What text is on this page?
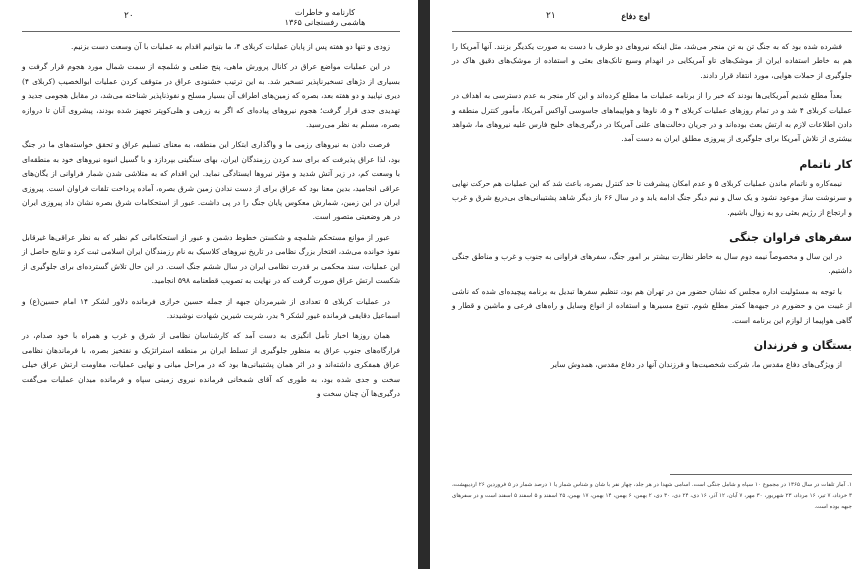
۲۰	کارنامه و خاطرات
هاشمی رفسنجانی ۱۳۶۵

زودی و تنها دو هفته پس از پایان عملیات کربلای ۴، ما بتوانیم اقدام به عملیات با آن وسعت دست بزنیم.

در این عملیات مواضع عراق در کانال پرورش ماهی، پنج ضلعی و شلمچه از سمت شمال مورد هجوم قرار گرفت و بسیاری از دژهای تسخیرناپذیر تسخیر شد. به این ترتیب خشنودی عراق در متوقف کردن عملیات ابوالخصیب (کربلای ۴) دیری نپایید و دو هفته بعد، بصره که زمین‌های اطراف آن بسیار مسلح و نفوذناپذیر شناخته می‌شد، در مقابل هجومی جدید و تهدیدی جدی قرار گرفت؛ هجوم نیروهای پیاده‌ای که اگر به زرهی و هلی‌کوپتر تجهیز شده بودند، پیشروی آنان تا دروازه بصره، مسلم به نظر می‌رسید.

فرصت دادن به نیروهای رزمی ما و واگذاری ابتکار این منطقه، به معنای تسلیم عراق و تحقق خواسته‌های ما در جنگ بود، لذا عراق پذیرفت که برای سد کردن رزمندگان ایران، بهای سنگینی بپردازد و با گسیل انبوه نیروهای خود به منطقه‌ای با وسعت کم، در زیر آتش شدید و مؤثر نیروها ایستادگی نماید. این اقدام که به متلاشی شدن شمار فراوانی از یگان‌های عراقی انجامید، بدین معنا بود که عراق برای از دست ندادن زمین شرق بصره، آماده پرداخت تلفات فراوان است. پیروزی ایران در این زمین، شمارش معکوس پایان جنگ را در پی داشت. عبور از استحکامات شرق بصره نشان داد پیروزی ایران در هر وضعیتی متصور است.

عبور از موانع مستحکم شلمچه و شکستن خطوط دشمن و عبور از استحکاماتی کم نظیر که به نظر عراقی‌ها غیرقابل نفوذ خوانده می‌شد، افتخار بزرگ نظامی در تاریخ نیروهای کلاسیک به نام رزمندگان ایران اسلامی ثبت کرد و نتایج حاصل از این عملیات، سند محکمی بر قدرت نظامی ایران در سال ششم جنگ است. در این حال تلاش گسترده‌ای برای جلوگیری از شکست ارتش عراق صورت گرفت که در نهایت به تصویب قطعنامه ۵۹۸ انجامید.

در عملیات کربلای ۵ تعدادی از شیرمردان جبهه از جمله حسین خرازی فرمانده دلاور لشکر ۱۴ امام حسین(ع) و اسماعیل دقایقی فرمانده غیور لشکر ۹ بدر، شربت شیرین شهادت نوشیدند.

همان روزها اخبار تأمل انگیزی به دست آمد که کارشناسان نظامی از شرق و غرب و همراه با خود صدام، در فرارگاه‌های جنوب عراق به منظور جلوگیری از تسلط ایران بر منطقه استراتژیک و نفتخیز بصره، با فرماندهان نظامی عراق همفکری داشته‌اند و در اثر همان پشتیبانی‌ها بود که در مراحل میانی و نهایی عملیات، مقاومت ارتش عراق خیلی سخت و جدی شده بود، به طوری که آقای شمخانی فرمانده نیروی زمینی سپاه و فرمانده میدان عملیات می‌گفت درگیری‌ها آن چنان سخت و

۲۱	اوج دفاع

فشرده شده بود که به جنگ تن به تن منجر می‌شد، مثل اینکه نیروهای دو طرف با دست به صورت یکدیگر بزنند. آنها آمریکا را هم به خاطر استفاده ایران از موشک‌های تاو آمریکایی در انهدام وسیع تانک‌های بعثی و استفاده از موشک‌های دقیق هاک در جلوگیری از حملات هوایی، مورد انتقاد قرار دادند.

بعداً مطلع شدیم آمریکایی‌ها بودند که خبر را از برنامه عملیات ما مطلع کرده‌اند و این کار منجر به عدم دسترسی به اهداف در عملیات کربلای ۴ شد و در تمام روزهای عملیات کربلای ۴ و ۵، ناوها و هواپیماهای جاسوسی آواکس آمریکا، مأمور کنترل منطقه و دادن اطلاعات لازم به ارتش بعث بوده‌اند و در جریان دخالت‌های علنی آمریکا در درگیری‌های خلیج فارس علیه نیروهای ما، شواهد بیشتری از تلاش آمریکا برای جلوگیری از پیروزی مطلق ایران به دست آمد.

کار ناتمام

نیمه‌کاره و ناتمام ماندن عملیات کربلای ۵ و عدم امکان پیشرفت تا حد کنترل بصره، باعث شد که این عملیات هم حرکت نهایی و سرنوشت ساز موعود نشود و یک سال و نیم دیگر جنگ ادامه یابد و در سال ۶۶ باز دیگر شاهد پشتیبانی‌های بی‌دریغ شرق و غرب و ارتجاع از رژیم بعثی رو به زوال باشیم.

سفرهای فراوان جنگی

در این سال و مخصوصاً نیمه دوم سال به خاطر نظارت بیشتر بر امور جنگ، سفرهای فراوانی به جنوب و غرب و مناطق جنگی داشتیم.

با توجه به مسئولیت اداره مجلس که نشان حضور من در تهران هم بود، تنظیم سفرها تبدیل به برنامه پیچیده‌ای شده که ناشی از غیبت من و حضورم در جبهه‌ها کمتر مطلع شوم. تنوع مسیرها و استفاده از انواع وسایل و راه‌های فرعی و ماشین و قطار و گاهی هواپیما از لوازم این برنامه است.

بستگان و فرزندان

از ویژگی‌های دفاع مقدس ما، شرکت شخصیت‌ها و فرزندان آنها در دفاع مقدس، همدوش سایر

۱. آمار تلفات در سال ۱۳۶۵ در مجموع ۱۰ سپاه و شامل جنگی است. اسامی شهدا در هر جلد، چهار نفر با شان و شناس شمار یا ۱ درصد شمار در ۵ فروردین ۲۶ اردیبهشت، ۳ خرداد، ۷ تیر، ۱۶ مرداد، ۲۳ شهریور، ۳۰ مهر، ۷ آبان، ۱۲ آذر، ۱۶ دی، ۲۴ دی، ۳۰ دی، ۲ بهمن، ۶ بهمن، ۱۴ بهمن، ۱۷ بهمن، ۲۵ اسفند و ۵ اسفند ۵ اسفند است و در سفرهای جبهه بوده است.
